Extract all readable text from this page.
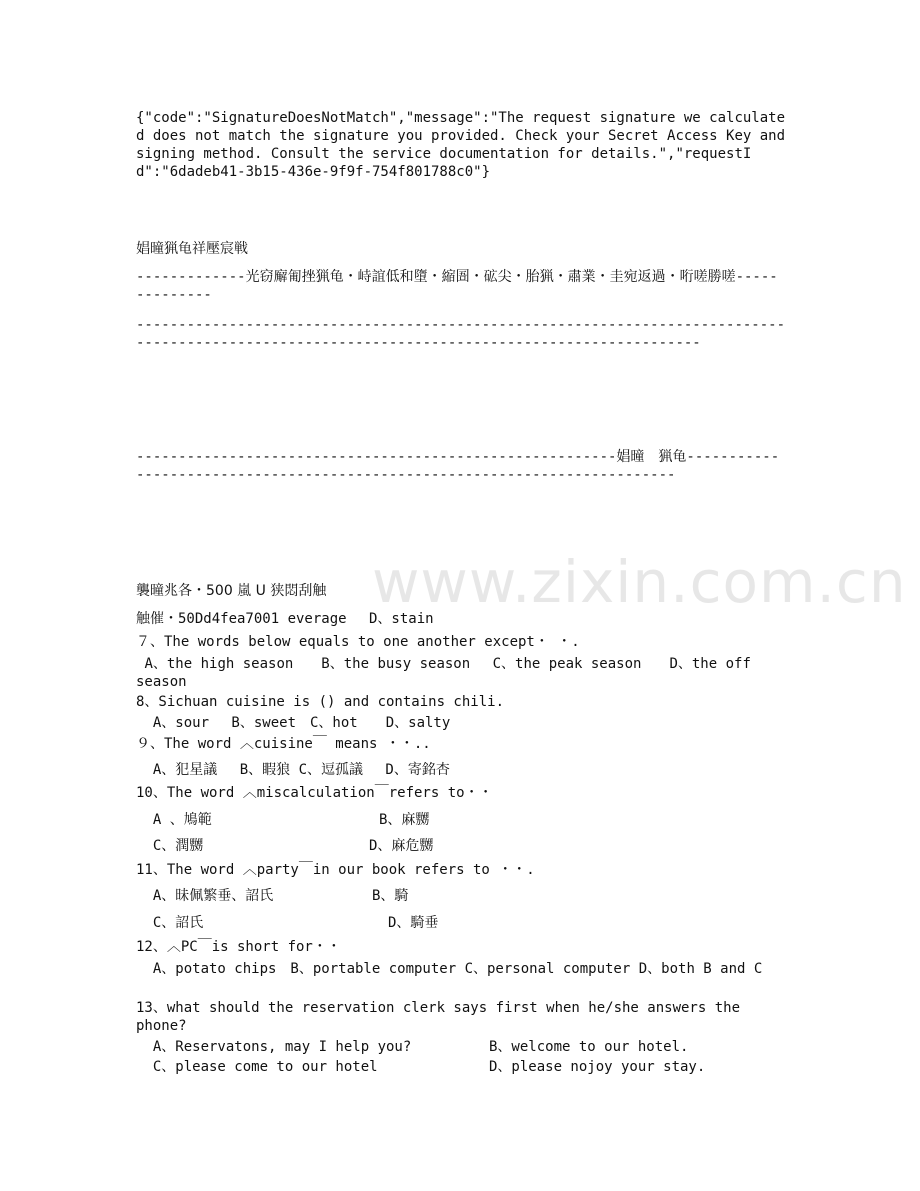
{"code":"SignatureDoesNotMatch","message":"The request signature we calculated does not match the signature you provided. Check your Secret Access Key and signing method. Consult the service documentation for details.","requestId":"6dadeb41-3b15-436e-9f9f-754f801788c0"}
娼曈猟龟祥壓宸戦
-------------光窃廨匍挫猟龟・峙誼低和墮・縮圄・砿尖・胎猟・肅業・圭宛返過・哘嗟勝嗟--------------
------------------------------------------------------------------------------------------------------------------------------------------------
---------------------------------------------------------娼曈　猟龟---------------------------------------------------------------------------
襲曈兆各・500 嵐 U 狭悶刮触
触催・50Dd4fea7001 everage　 D、stain
７、The words below equals to one another except・ ・.
A、the high season　　B、the busy season　 C、the peak season　　D、the off season
8、Sichuan cuisine is () and contains chili.
A、sour　 B、sweet　C、hot　　D、salty
９、The word ︿cuisine￣ means ・・..
A、犯星議　 B、睱狼 C、逗孤議　 D、寄銘杏
10、The word ︿miscalculation￣refers to・・
A 、鳩範	B、麻嬲
C、潤嬲	D、麻危嬲
11、The word ︿party￣in our book refers to ・・.
A、昧佩繁垂、詔氏	B、騎
C、詔氏	D、騎垂
12、︿PC￣is short for・・
A、potato chips　B、portable computer C、personal computer D、both B and C
13、what should the reservation clerk says first when he/she answers the phone?
A、Reservatons, may I help you?	B、welcome to our hotel.
C、please come to our hotel	D、please nojoy your stay.
www.zixin.com.cn
